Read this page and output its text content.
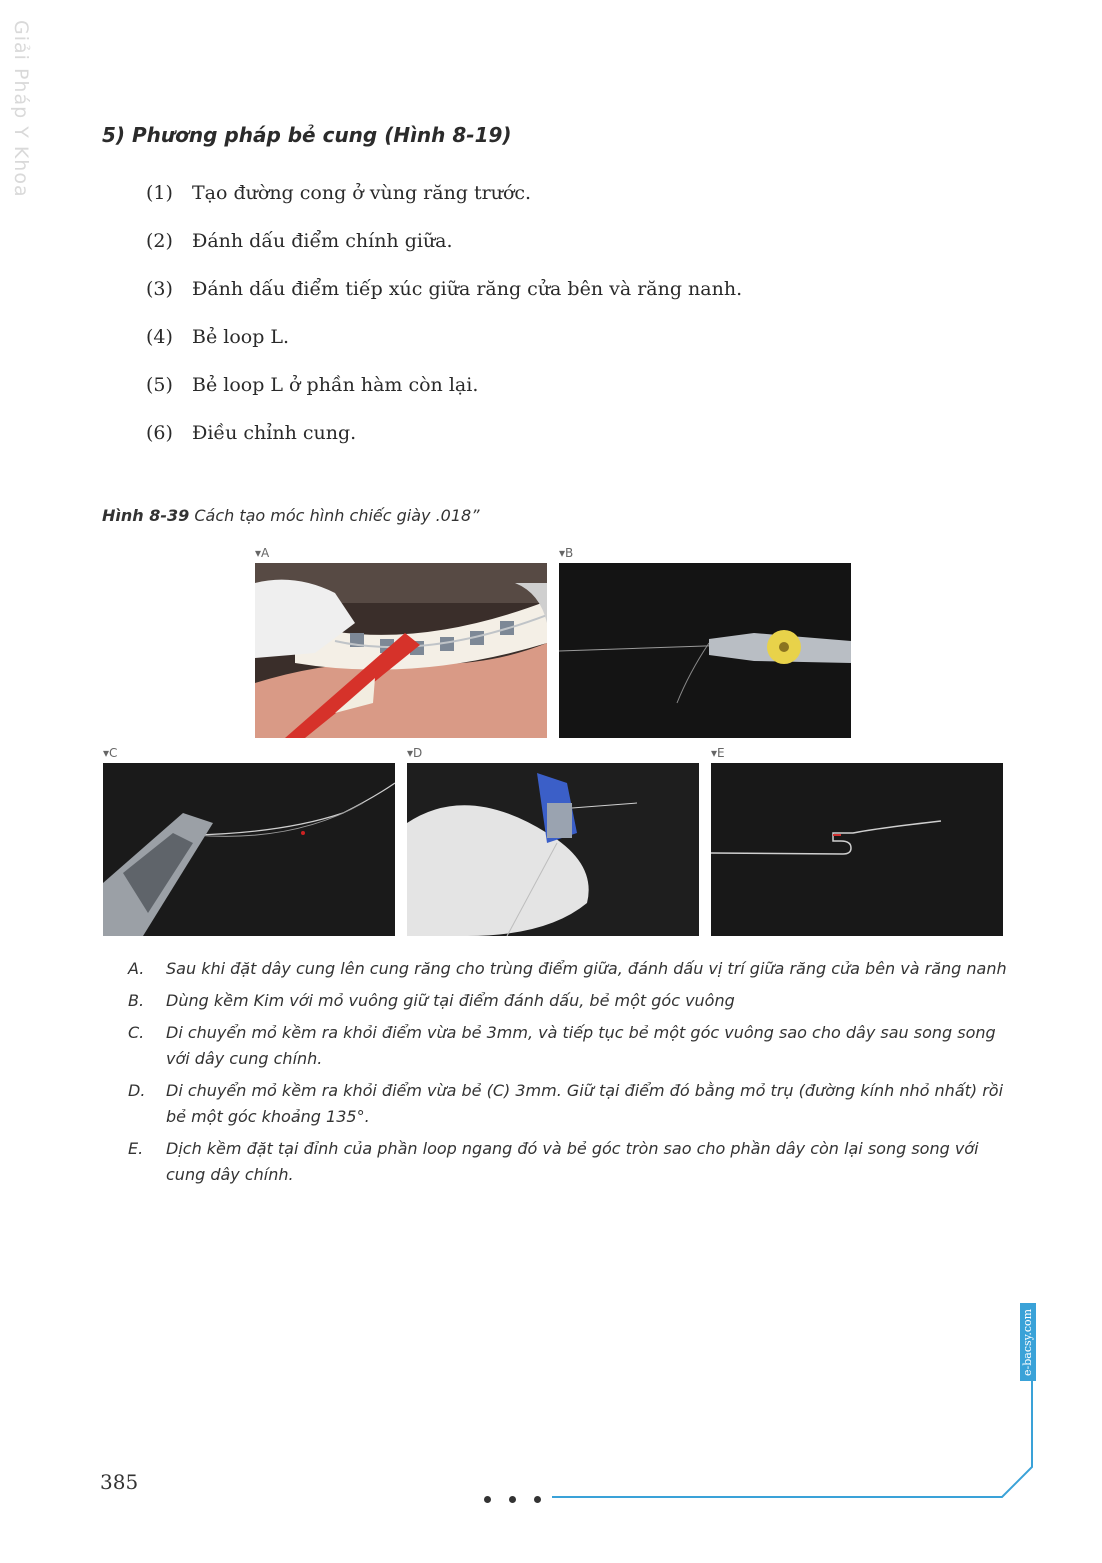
Giải Pháp Y Khoa	5) Phương pháp bẻ cung (Hình 8-19)
(1) Tạo đường cong ở vùng răng trước.
(2) Đánh dấu điểm chính giữa.
(3) Đánh dấu điểm tiếp xúc giữa răng cửa bên và răng nanh.
(4) Bẻ loop L.
(5) Bẻ loop L ở phần hàm còn lại.
(6) Điều chỉnh cung.

Hình 8-39 Cách tạo móc hình chiếc giày .018”

▾A	▾B
▾C	▾D	▾E
A.	Sau khi đặt dây cung lên cung răng cho trùng điểm giữa, đánh dấu vị trí giữa răng cửa bên và răng nanh
B.	Dùng kềm Kim với mỏ vuông giữ tại điểm đánh dấu, bẻ một góc vuông
C.	Di chuyển mỏ kềm ra khỏi điểm vừa bẻ 3mm, và tiếp tục bẻ một góc vuông sao cho dây sau song song với dây cung chính.
D.	Di chuyển mỏ kềm ra khỏi điểm vừa bẻ (C) 3mm. Giữ tại điểm đó bằng mỏ trụ (đường kính nhỏ nhất) rồi bẻ một góc khoảng 135°.
E.	Dịch kềm đặt tại đỉnh của phần loop ngang đó và bẻ góc tròn sao cho phần dây còn lại song song với cung dây chính.
e-bacsy.com
385
